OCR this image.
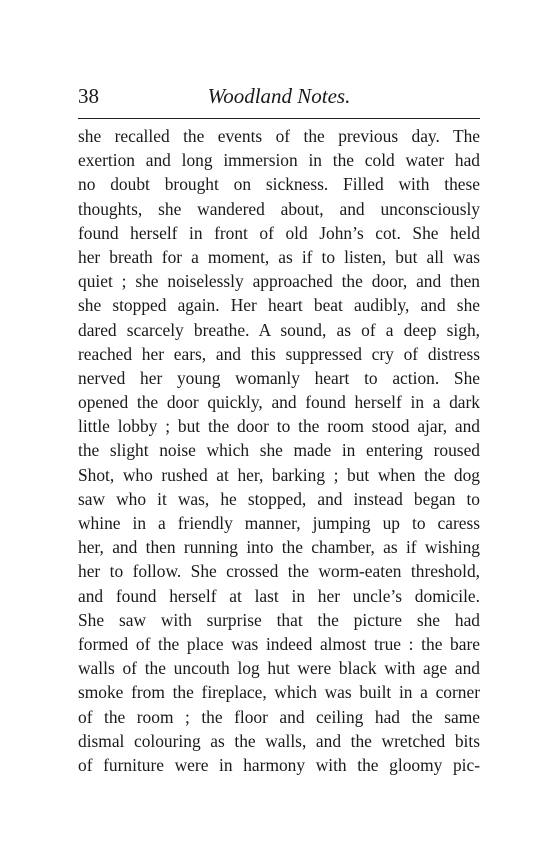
38	Woodland Notes.
she recalled the events of the previous day. The
exertion and long immersion in the cold water had
no doubt brought on sickness. Filled with these
thoughts, she wandered about, and unconsciously
found herself in front of old John’s cot. She held
her breath for a moment, as if to listen, but all was
quiet ; she noiselessly approached the door, and then
she stopped again. Her heart beat audibly, and she
dared scarcely breathe. A sound, as of a deep sigh,
reached her ears, and this suppressed cry of distress
nerved her young womanly heart to action. She
opened the door quickly, and found herself in a dark
little lobby ; but the door to the room stood ajar, and
the slight noise which she made in entering roused
Shot, who rushed at her, barking ; but when the dog
saw who it was, he stopped, and instead began to
whine in a friendly manner, jumping up to caress
her, and then running into the chamber, as if wishing
her to follow. She crossed the worm-eaten threshold,
and found herself at last in her uncle’s domicile.
She saw with surprise that the picture she had
formed of the place was indeed almost true : the bare
walls of the uncouth log hut were black with age and
smoke from the fireplace, which was built in a corner
of the room ; the floor and ceiling had the same
dismal colouring as the walls, and the wretched bits
of furniture were in harmony with the gloomy pic-
